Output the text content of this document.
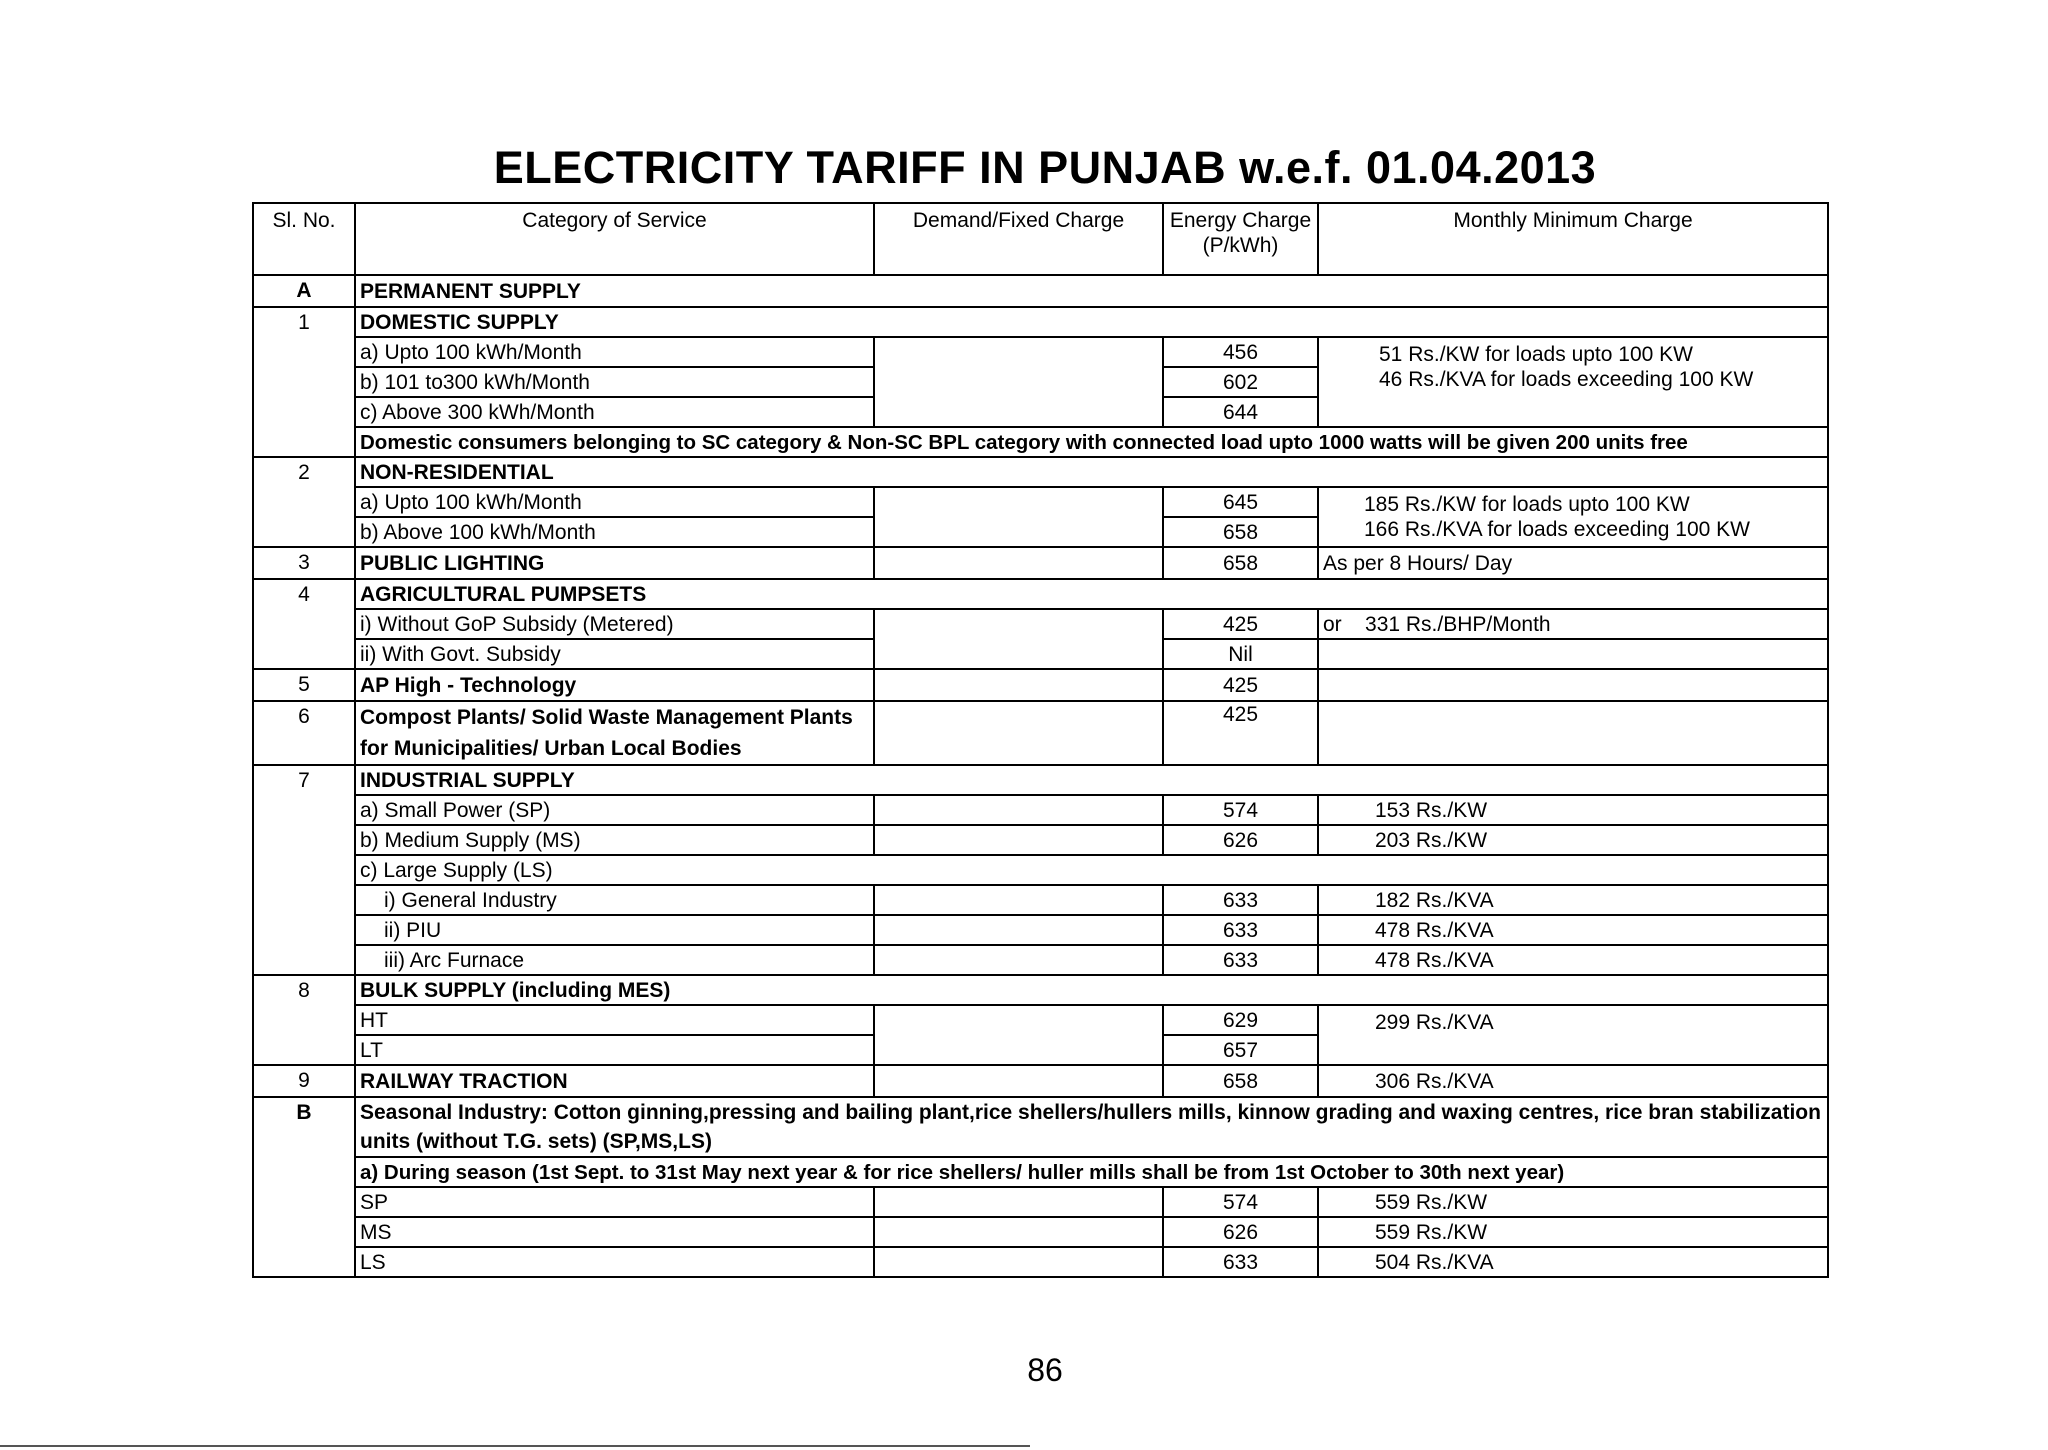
ELECTRICITY TARIFF IN PUNJAB w.e.f. 01.04.2013
Sl. No.	Category of Service	Demand/Fixed Charge	Energy Charge (P/kWh)	Monthly Minimum Charge
A	PERMANENT SUPPLY			
1	DOMESTIC SUPPLY			
	a) Upto 100 kWh/Month		456	51 Rs./KW for loads upto 100 KW
46 Rs./KVA for loads exceeding 100 KW

	b) 101 to300 kWh/Month		602	
	c) Above 300 kWh/Month		644	
	Domestic consumers belonging to SC category & Non-SC BPL category with connected load upto 1000 watts will be given 200 units free			
2	NON-RESIDENTIAL			
	a) Upto 100 kWh/Month		645	185 Rs./KW for loads upto 100 KW
166 Rs./KVA for loads exceeding 100 KW

	b) Above 100 kWh/Month		658	
3	PUBLIC LIGHTING		658	As per 8 Hours/ Day
4	AGRICULTURAL PUMPSETS			
	i) Without GoP Subsidy (Metered)		425	or    331 Rs./BHP/Month
	ii) With Govt. Subsidy		Nil	
5	AP High - Technology		425	
6	Compost Plants/ Solid Waste Management Plants for Municipalities/ Urban Local Bodies		425	
7	INDUSTRIAL SUPPLY			
	a) Small Power (SP)		574	153 Rs./KW
	b) Medium Supply (MS)		626	203 Rs./KW
	c) Large Supply (LS)			
	i) General Industry		633	182 Rs./KVA
	ii) PIU		633	478 Rs./KVA
	iii) Arc Furnace		633	478 Rs./KVA
8	BULK SUPPLY (including MES)			
	HT		629	299 Rs./KVA
	LT		657	
9	RAILWAY TRACTION		658	306 Rs./KVA
B	Seasonal Industry: Cotton ginning,pressing and bailing plant,rice shellers/hullers mills, kinnow grading and waxing centres, rice bran stabilization units (without T.G. sets) (SP,MS,LS)			
	a) During season (1st Sept. to 31st May next year & for rice shellers/ huller mills shall be from 1st October to 30th next year)			
	SP		574	559 Rs./KW
	MS		626	559 Rs./KW
	LS		633	504 Rs./KVA
86
